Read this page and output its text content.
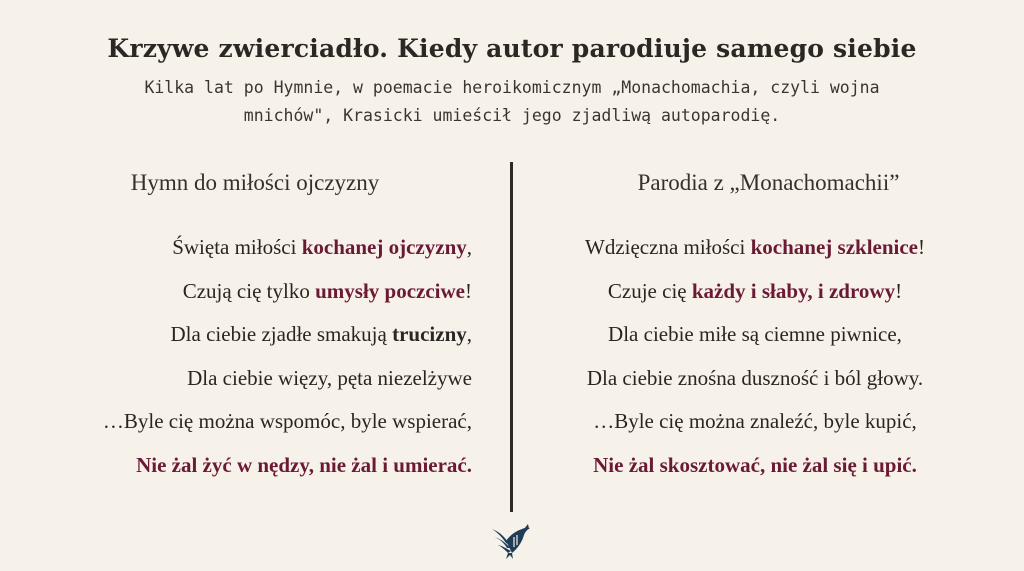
Krzywe zwierciadło. Kiedy autor parodiuje samego siebie
Kilka lat po Hymnie, w poemacie heroikomicznym „Monachomachia, czyli wojna mnichów", Krasicki umieścił jego zjadliwą autoparodię.
Hymn do miłości ojczyzny	Parodia z „Monachomachii”
Święta miłości kochanej ojczyzny,
Czują cię tylko umysły poczciwe!
Dla ciebie zjadłe smakują trucizny,
Dla ciebie więzy, pęta niezelżywe
…Byle cię można wspomóc, byle wspierać,
Nie żal żyć w nędzy, nie żal i umierać.
Wdzięczna miłości kochanej szklenice!
Czuje cię każdy i słaby, i zdrowy!
Dla ciebie miłe są ciemne piwnice,
Dla ciebie znośna duszność i ból głowy.
…Byle cię można znaleźć, byle kupić,
Nie żal skosztować, nie żal się i upić.
